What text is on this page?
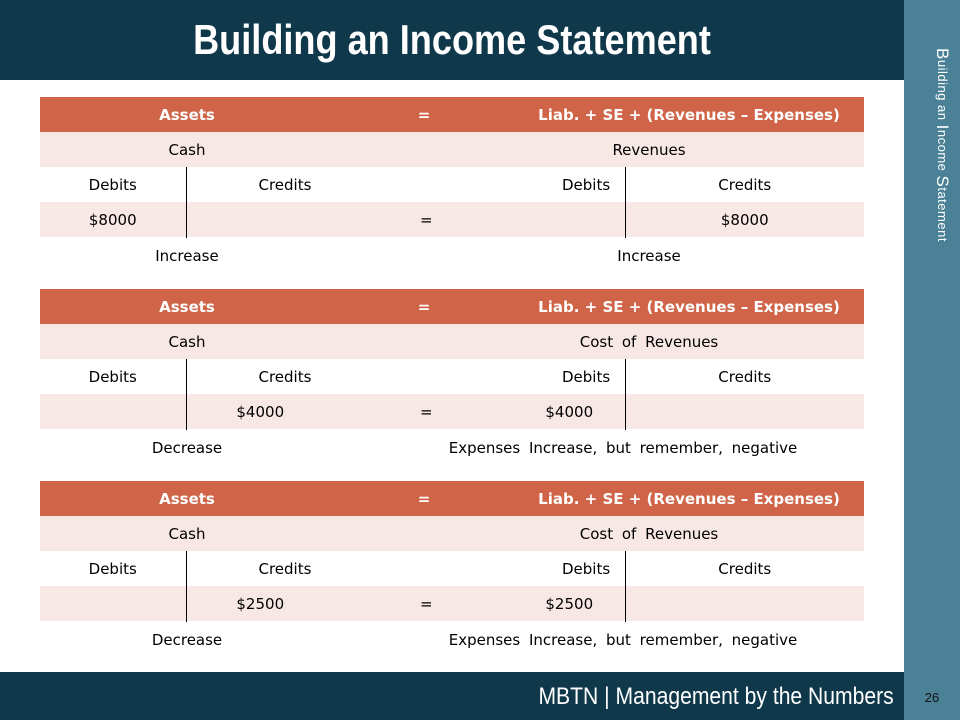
Building an Income Statement	Building an Income Statement
Assets		=	Liab. + SE + (Revenues – Expenses)	
Cash		Revenues		
Debits	Credits		Debits	Credits
$8000		=		$8000
Increase		Increase		
Assets		=	Liab. + SE + (Revenues – Expenses)	
Cash		Cost of Revenues		
Debits	Credits		Debits	Credits
	$4000	=	$4000	
Decrease		Expenses Increase, but remember, negative		
Assets		=	Liab. + SE + (Revenues – Expenses)	
Cash		Cost of Revenues		
Debits	Credits		Debits	Credits
	$2500	=	$2500	
Decrease		Expenses Increase, but remember, negative		
MBTN | Management by the Numbers	26
